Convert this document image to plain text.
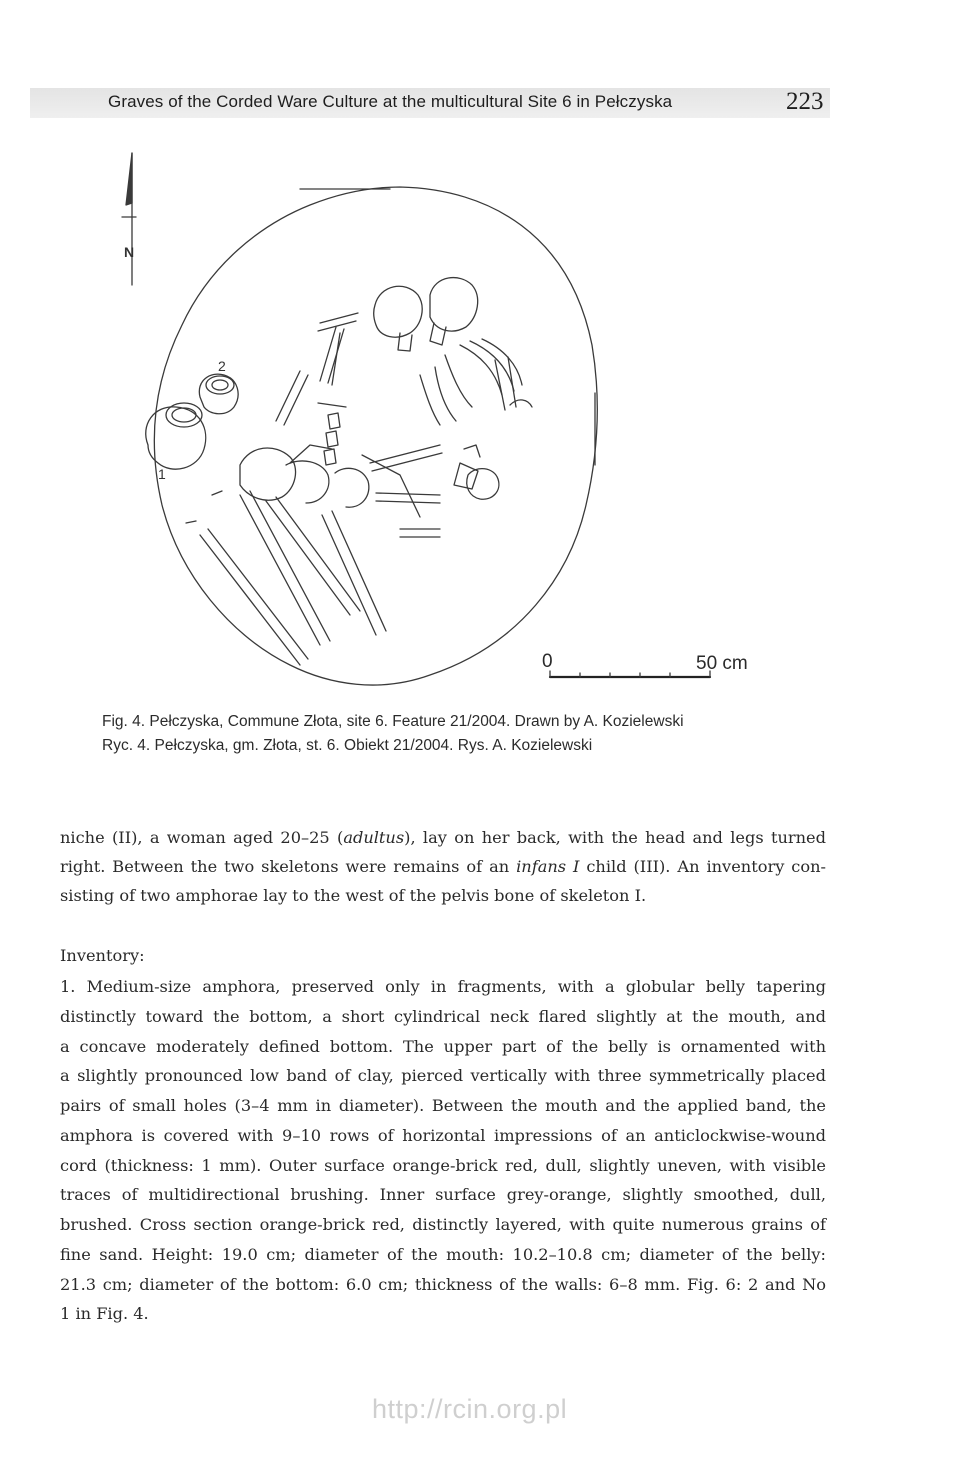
Graves of the Corded Ware Culture at the multicultural Site 6 in Pełczyska	223
N
1
2
0	50 cm
Fig. 4. Pełczyska, Commune Złota, site 6. Feature 21/2004. Drawn by A. Kozielewski
Ryc. 4. Pełczyska, gm. Złota, st. 6. Obiekt 21/2004. Rys. A. Kozielewski
niche (II), a woman aged 20–25 (adultus), lay on her back, with the head and legs turned
right. Between the two skeletons were remains of an infans I child (III). An inventory con-
sisting of two amphorae lay to the west of the pelvis bone of skeleton I.
Inventory:
1. Medium-size amphora, preserved only in fragments, with a globular belly tapering
distinctly toward the bottom, a short cylindrical neck flared slightly at the mouth, and
a concave moderately defined bottom. The upper part of the belly is ornamented with
a slightly pronounced low band of clay, pierced vertically with three symmetrically placed
pairs of small holes (3–4 mm in diameter). Between the mouth and the applied band, the
amphora is covered with 9–10 rows of horizontal impressions of an anticlockwise-wound
cord (thickness: 1 mm). Outer surface orange-brick red, dull, slightly uneven, with visible
traces of multidirectional brushing. Inner surface grey-orange, slightly smoothed, dull,
brushed. Cross section orange-brick red, distinctly layered, with quite numerous grains of
fine sand. Height: 19.0 cm; diameter of the mouth: 10.2–10.8 cm; diameter of the belly:
21.3 cm; diameter of the bottom: 6.0 cm; thickness of the walls: 6–8 mm. Fig. 6: 2 and No
1 in Fig. 4.
http://rcin.org.pl
